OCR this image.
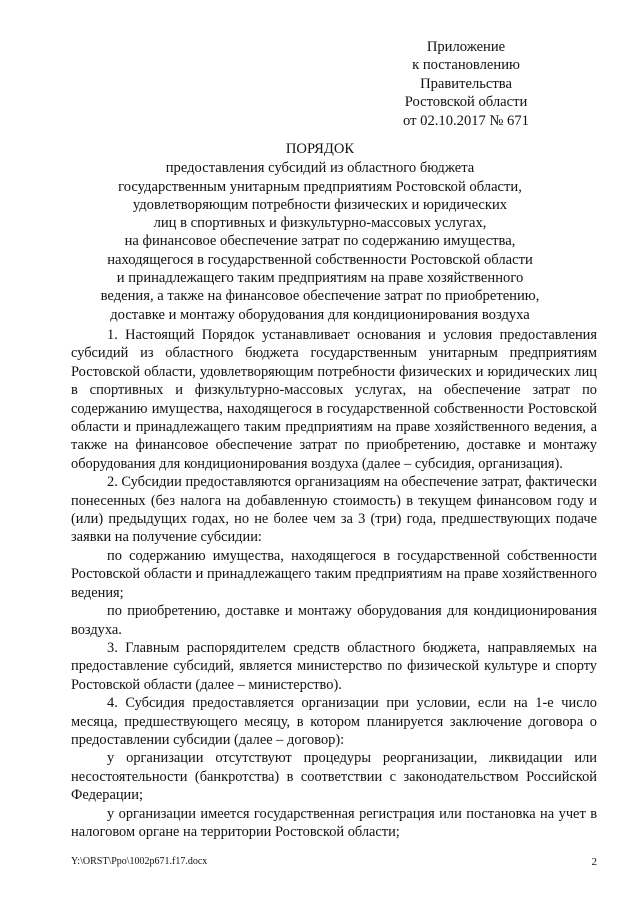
Приложение
к постановлению
Правительства
Ростовской области
от 02.10.2017 № 671
ПОРЯДОК
предоставления субсидий из областного бюджета
государственным унитарным предприятиям Ростовской области,
удовлетворяющим потребности физических и юридических
лиц в спортивных и физкультурно-массовых услугах,
на финансовое обеспечение затрат по содержанию имущества,
находящегося в государственной собственности Ростовской области
и принадлежащего таким предприятиям на праве хозяйственного
ведения, а также на финансовое обеспечение затрат по приобретению,
доставке и монтажу оборудования для кондиционирования воздуха

1. Настоящий Порядок устанавливает основания и условия предоставления субсидий из областного бюджета государственным унитарным предприятиям Ростовской области, удовлетворяющим потребности физических и юридических лиц в спортивных и физкультурно-массовых услугах, на обеспечение затрат по содержанию имущества, находящегося в государственной собственности Ростовской области и принадлежащего таким предприятиям на праве хозяйственного ведения, а также на финансовое обеспечение затрат по приобретению, доставке и монтажу оборудования для кондиционирования воздуха (далее – субсидия, организация).

2. Субсидии предоставляются организациям на обеспечение затрат, фактически понесенных (без налога на добавленную стоимость) в текущем финансовом году и (или) предыдущих годах, но не более чем за 3 (три) года, предшествующих подаче заявки на получение субсидии:

по содержанию имущества, находящегося в государственной собственности Ростовской области и принадлежащего таким предприятиям на праве хозяйственного ведения;

по приобретению, доставке и монтажу оборудования для кондиционирования воздуха.

3. Главным распорядителем средств областного бюджета, направляемых на предоставление субсидий, является министерство по физической культуре и спорту Ростовской области (далее – министерство).

4. Субсидия предоставляется организации при условии, если на 1-е число месяца, предшествующего месяцу, в котором планируется заключение договора о предоставлении субсидии (далее – договор):

у организации отсутствуют процедуры реорганизации, ликвидации или несостоятельности (банкротства) в соответствии с законодательством Российской Федерации;

у организации имеется государственная регистрация или постановка на учет в налоговом органе на территории Ростовской области;

Y:\ORST\Ppo\1002p671.f17.docx	2
